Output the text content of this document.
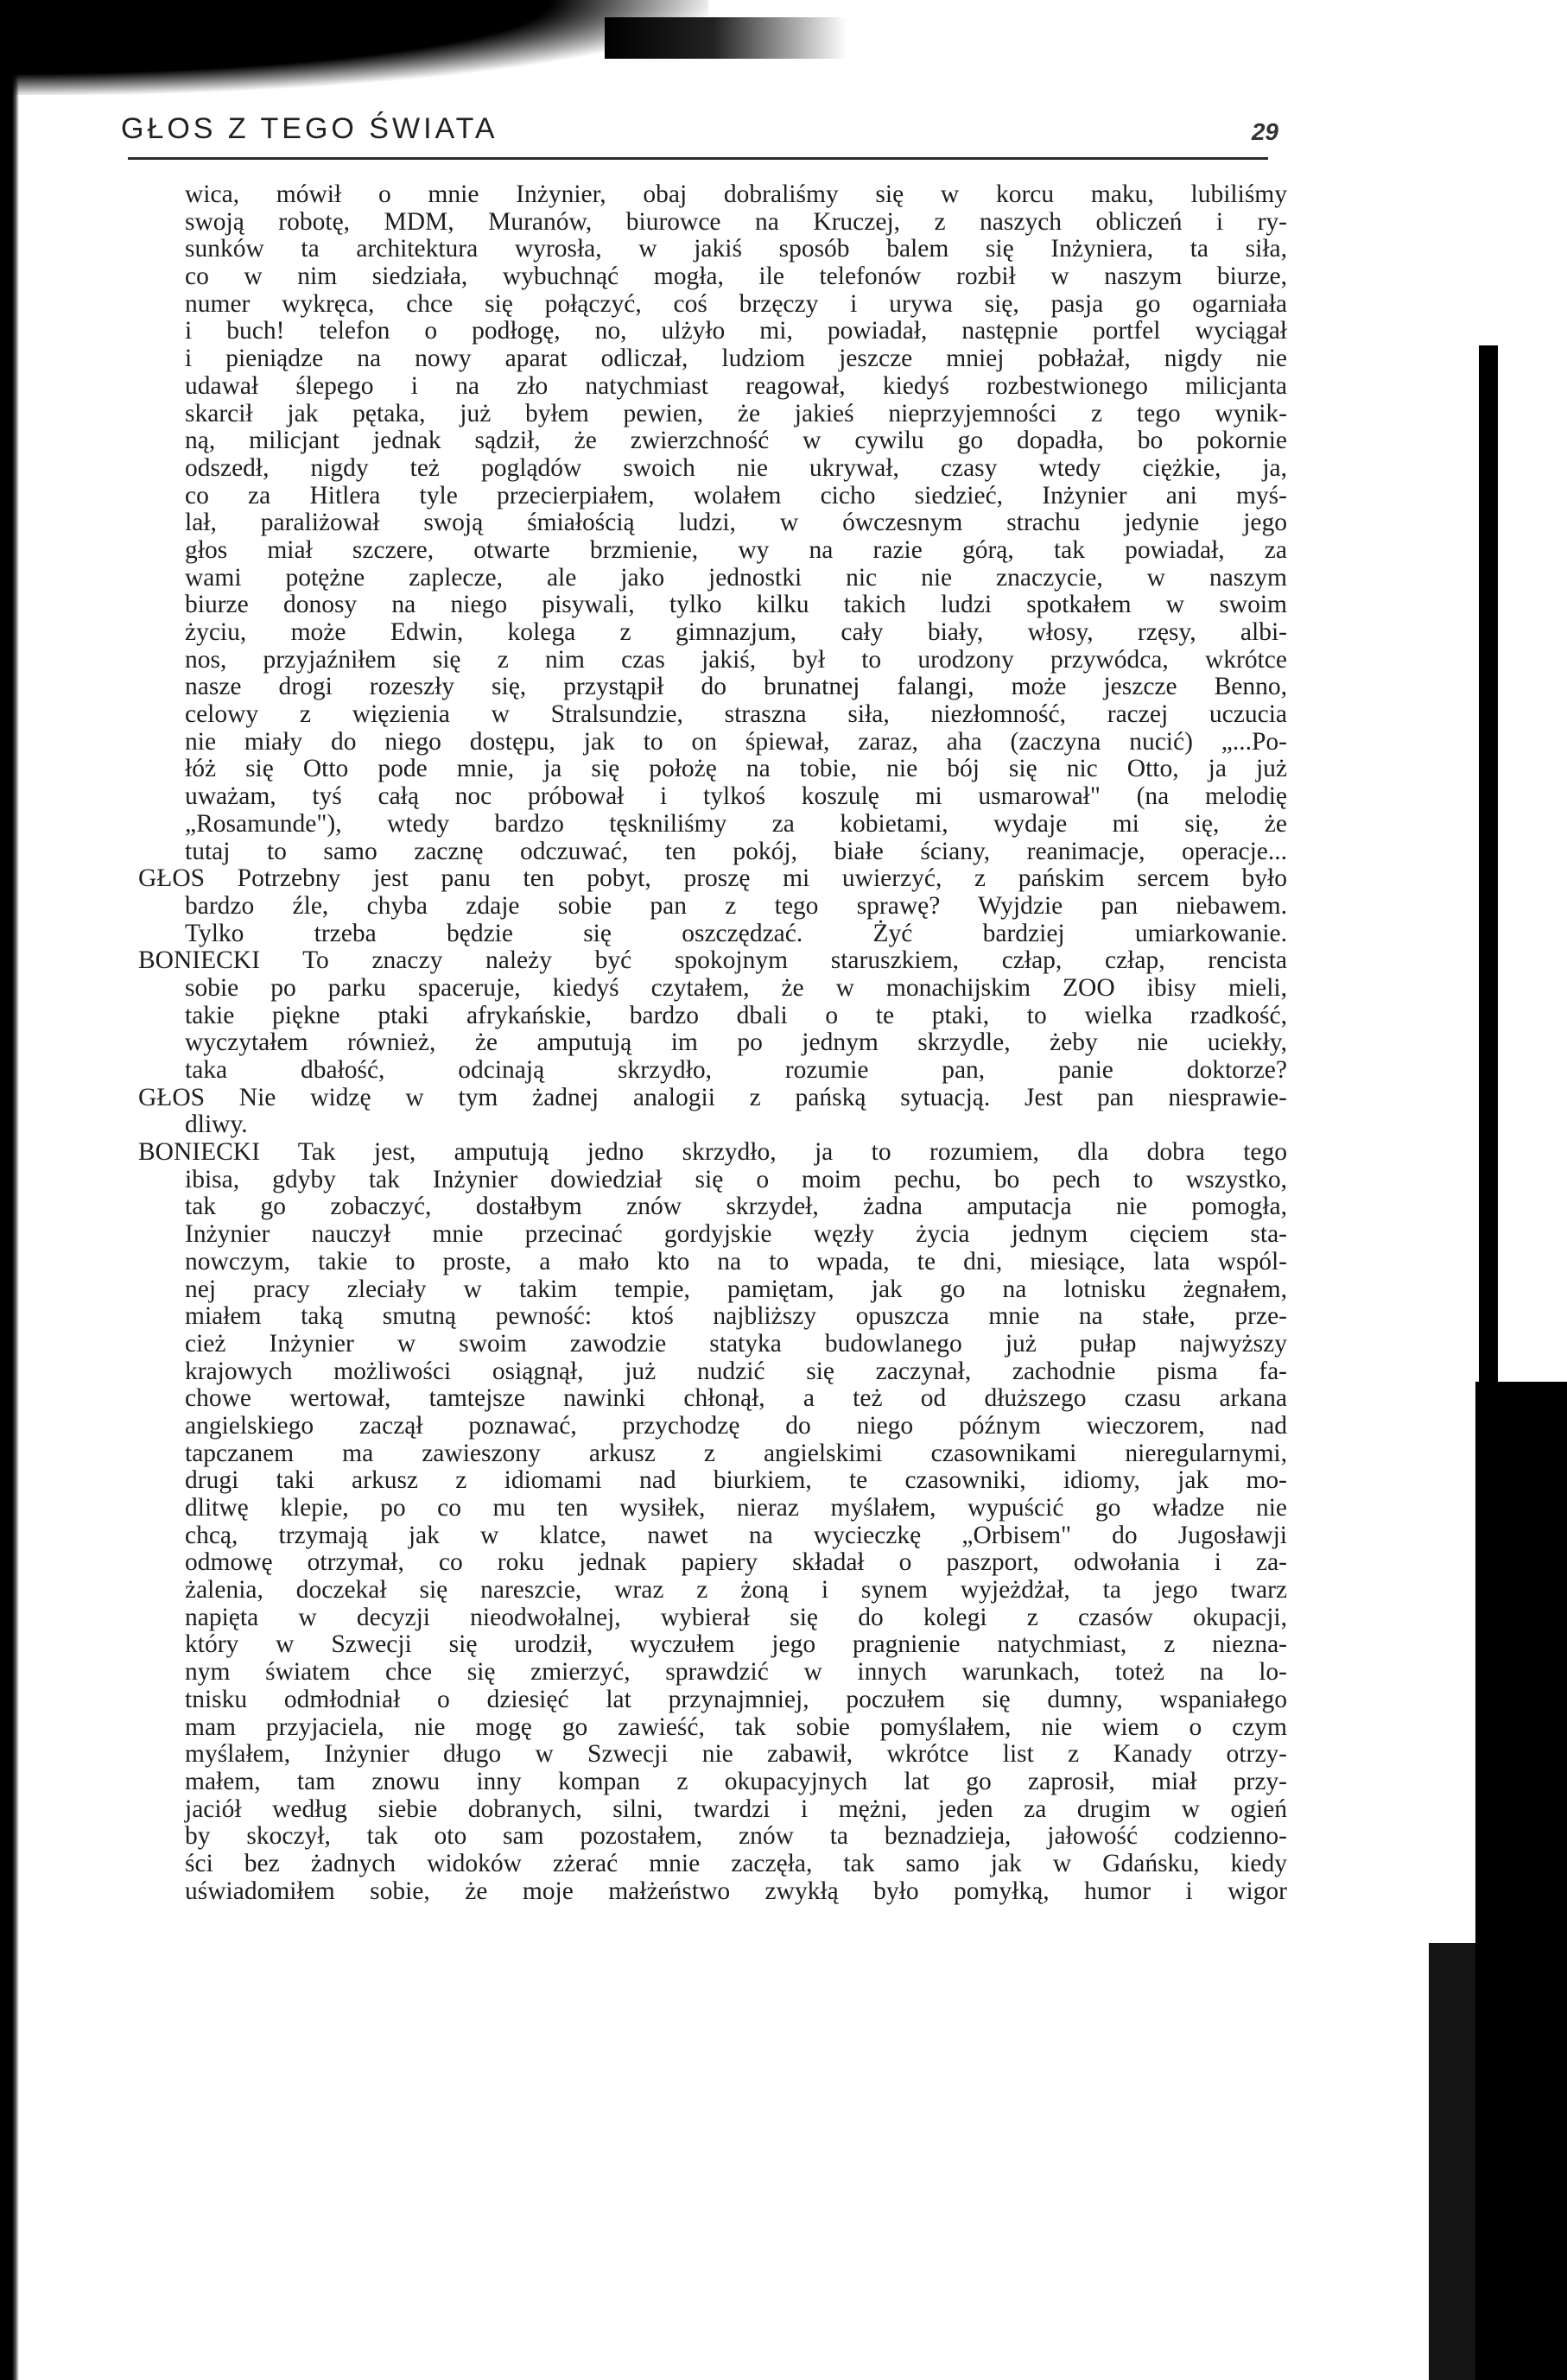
GŁOS Z TEGO ŚWIATA	29
wica, mówił o mnie Inżynier, obaj dobraliśmy się w korcu maku, lubiliśmy
swoją robotę, MDM, Muranów, biurowce na Kruczej, z naszych obliczeń i ry-
sunków ta architektura wyrosła, w jakiś sposób balem się Inżyniera, ta siła,
co w nim siedziała, wybuchnąć mogła, ile telefonów rozbił w naszym biurze,
numer wykręca, chce się połączyć, coś brzęczy i urywa się, pasja go ogarniała
i buch! telefon o podłogę, no, ulżyło mi, powiadał, następnie portfel wyciągał
i pieniądze na nowy aparat odliczał, ludziom jeszcze mniej pobłażał, nigdy nie
udawał ślepego i na zło natychmiast reagował, kiedyś rozbestwionego milicjanta
skarcił jak pętaka, już byłem pewien, że jakieś nieprzyjemności z tego wynik-
ną, milicjant jednak sądził, że zwierzchność w cywilu go dopadła, bo pokornie
odszedł, nigdy też poglądów swoich nie ukrywał, czasy wtedy ciężkie, ja,
co za Hitlera tyle przecierpiałem, wolałem cicho siedzieć, Inżynier ani myś-
lał, paraliżował swoją śmiałością ludzi, w ówczesnym strachu jedynie jego
głos miał szczere, otwarte brzmienie, wy na razie górą, tak powiadał, za
wami potężne zaplecze, ale jako jednostki nic nie znaczycie, w naszym
biurze donosy na niego pisywali, tylko kilku takich ludzi spotkałem w swoim
życiu, może Edwin, kolega z gimnazjum, cały biały, włosy, rzęsy, albi-
nos, przyjaźniłem się z nim czas jakiś, był to urodzony przywódca, wkrótce
nasze drogi rozeszły się, przystąpił do brunatnej falangi, może jeszcze Benno,
celowy z więzienia w Stralsundzie, straszna siła, niezłomność, raczej uczucia
nie miały do niego dostępu, jak to on śpiewał, zaraz, aha (zaczyna nucić) „...Po-
łóż się Otto pode mnie, ja się położę na tobie, nie bój się nic Otto, ja już
uważam, tyś całą noc próbował i tylkoś koszulę mi usmarował" (na melodię
„Rosamunde"), wtedy bardzo tęskniliśmy za kobietami, wydaje mi się, że
tutaj to samo zacznę odczuwać, ten pokój, białe ściany, reanimacje, operacje...
GŁOS Potrzebny jest panu ten pobyt, proszę mi uwierzyć, z pańskim sercem było
bardzo źle, chyba zdaje sobie pan z tego sprawę? Wyjdzie pan niebawem.
Tylko trzeba będzie się oszczędzać. Żyć bardziej umiarkowanie.
BONIECKI To znaczy należy być spokojnym staruszkiem, człap, człap, rencista
sobie po parku spaceruje, kiedyś czytałem, że w monachijskim ZOO ibisy mieli,
takie piękne ptaki afrykańskie, bardzo dbali o te ptaki, to wielka rzadkość,
wyczytałem również, że amputują im po jednym skrzydle, żeby nie uciekły,
taka dbałość, odcinają skrzydło, rozumie pan, panie doktorze?
GŁOS Nie widzę w tym żadnej analogii z pańską sytuacją. Jest pan niesprawie-
dliwy.
BONIECKI Tak jest, amputują jedno skrzydło, ja to rozumiem, dla dobra tego
ibisa, gdyby tak Inżynier dowiedział się o moim pechu, bo pech to wszystko,
tak go zobaczyć, dostałbym znów skrzydeł, żadna amputacja nie pomogła,
Inżynier nauczył mnie przecinać gordyjskie węzły życia jednym cięciem sta-
nowczym, takie to proste, a mało kto na to wpada, te dni, miesiące, lata wspól-
nej pracy zleciały w takim tempie, pamiętam, jak go na lotnisku żegnałem,
miałem taką smutną pewność: ktoś najbliższy opuszcza mnie na stałe, prze-
cież Inżynier w swoim zawodzie statyka budowlanego już pułap najwyższy
krajowych możliwości osiągnął, już nudzić się zaczynał, zachodnie pisma fa-
chowe wertował, tamtejsze nawinki chłonął, a też od dłuższego czasu arkana
angielskiego zaczął poznawać, przychodzę do niego późnym wieczorem, nad
tapczanem ma zawieszony arkusz z angielskimi czasownikami nieregularnymi,
drugi taki arkusz z idiomami nad biurkiem, te czasowniki, idiomy, jak mo-
dlitwę klepie, po co mu ten wysiłek, nieraz myślałem, wypuścić go władze nie
chcą, trzymają jak w klatce, nawet na wycieczkę „Orbisem" do Jugosławji
odmowę otrzymał, co roku jednak papiery składał o paszport, odwołania i za-
żalenia, doczekał się nareszcie, wraz z żoną i synem wyjeżdżał, ta jego twarz
napięta w decyzji nieodwołalnej, wybierał się do kolegi z czasów okupacji,
który w Szwecji się urodził, wyczułem jego pragnienie natychmiast, z niezna-
nym światem chce się zmierzyć, sprawdzić w innych warunkach, toteż na lo-
tnisku odmłodniał o dziesięć lat przynajmniej, poczułem się dumny, wspaniałego
mam przyjaciela, nie mogę go zawieść, tak sobie pomyślałem, nie wiem o czym
myślałem, Inżynier długo w Szwecji nie zabawił, wkrótce list z Kanady otrzy-
małem, tam znowu inny kompan z okupacyjnych lat go zaprosił, miał przy-
jaciół według siebie dobranych, silni, twardzi i mężni, jeden za drugim w ogień
by skoczył, tak oto sam pozostałem, znów ta beznadzieja, jałowość codzienno-
ści bez żadnych widoków zżerać mnie zaczęła, tak samo jak w Gdańsku, kiedy
uświadomiłem sobie, że moje małżeństwo zwykłą było pomyłką, humor i wigor
